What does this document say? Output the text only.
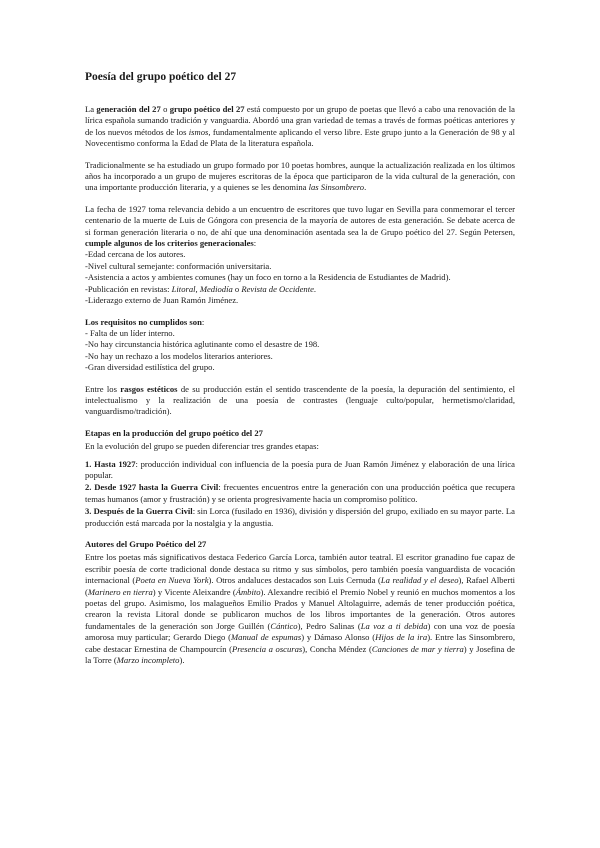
Poesía del grupo poético del 27

La generación del 27 o grupo poético del 27 está compuesto por un grupo de poetas que llevó a cabo una renovación de la lírica española sumando tradición y vanguardia. Abordó una gran variedad de temas a través de formas poéticas anteriores y de los nuevos métodos de los ismos, fundamentalmente aplicando el verso libre. Este grupo junto a la Generación de 98 y al Novecentismo conforma la Edad de Plata de la literatura española.

Tradicionalmente se ha estudiado un grupo formado por 10 poetas hombres, aunque la actualización realizada en los últimos años ha incorporado a un grupo de mujeres escritoras de la época que participaron de la vida cultural de la generación, con una importante producción literaria, y a quienes se les denomina las Sinsombrero.

La fecha de 1927 toma relevancia debido a un encuentro de escritores que tuvo lugar en Sevilla para conmemorar el tercer centenario de la muerte de Luis de Góngora con presencia de la mayoría de autores de esta generación. Se debate acerca de si forman generación literaria o no, de ahí que una denominación asentada sea la de Grupo poético del 27. Según Petersen, cumple algunos de los criterios generacionales:

-Edad cercana de los autores.
-Nivel cultural semejante: conformación universitaria.
-Asistencia a actos y ambientes comunes (hay un foco en torno a la Residencia de Estudiantes de Madrid).
-Publicación en revistas: Litoral, Mediodía o Revista de Occidente.
-Liderazgo externo de Juan Ramón Jiménez.
Los requisitos no cumplidos son:
- Falta de un líder interno.
-No hay circunstancia histórica aglutinante como el desastre de 198.
-No hay un rechazo a los modelos literarios anteriores.
-Gran diversidad estilística del grupo.

Entre los rasgos estéticos de su producción están el sentido trascendente de la poesía, la depuración del sentimiento, el intelectualismo y la realización de una poesía de contrastes (lenguaje culto/popular, hermetismo/claridad, vanguardismo/tradición).

Etapas en la producción del grupo poético del 27

En la evolución del grupo se pueden diferenciar tres grandes etapas:

1. Hasta 1927: producción individual con influencia de la poesía pura de Juan Ramón Jiménez y elaboración de una lírica popular.

2. Desde 1927 hasta la Guerra Civil: frecuentes encuentros entre la generación con una producción poética que recupera temas humanos (amor y frustración) y se orienta progresivamente hacia un compromiso político.

3. Después de la Guerra Civil: sin Lorca (fusilado en 1936), división y dispersión del grupo, exiliado en su mayor parte. La producción está marcada por la nostalgia y la angustia.

Autores del Grupo Poético del 27

Entre los poetas más significativos destaca Federico García Lorca, también autor teatral. El escritor granadino fue capaz de escribir poesía de corte tradicional donde destaca su ritmo y sus símbolos, pero también poesía vanguardista de vocación internacional (Poeta en Nueva York). Otros andaluces destacados son Luis Cernuda (La realidad y el deseo), Rafael Alberti (Marinero en tierra) y Vicente Aleixandre (Ámbito). Alexandre recibió el Premio Nobel y reunió en muchos momentos a los poetas del grupo. Asimismo, los malagueños Emilio Prados y Manuel Altolaguirre, además de tener producción poética, crearon la revista Litoral donde se publicaron muchos de los libros importantes de la generación. Otros autores fundamentales de la generación son Jorge Guillén (Cántico), Pedro Salinas (La voz a ti debida) con una voz de poesía amorosa muy particular; Gerardo Diego (Manual de espumas) y Dámaso Alonso (Hijos de la ira). Entre las Sinsombrero, cabe destacar Ernestina de Champourcín (Presencia a oscuras), Concha Méndez (Canciones de mar y tierra) y Josefina de la Torre (Marzo incompleto).
